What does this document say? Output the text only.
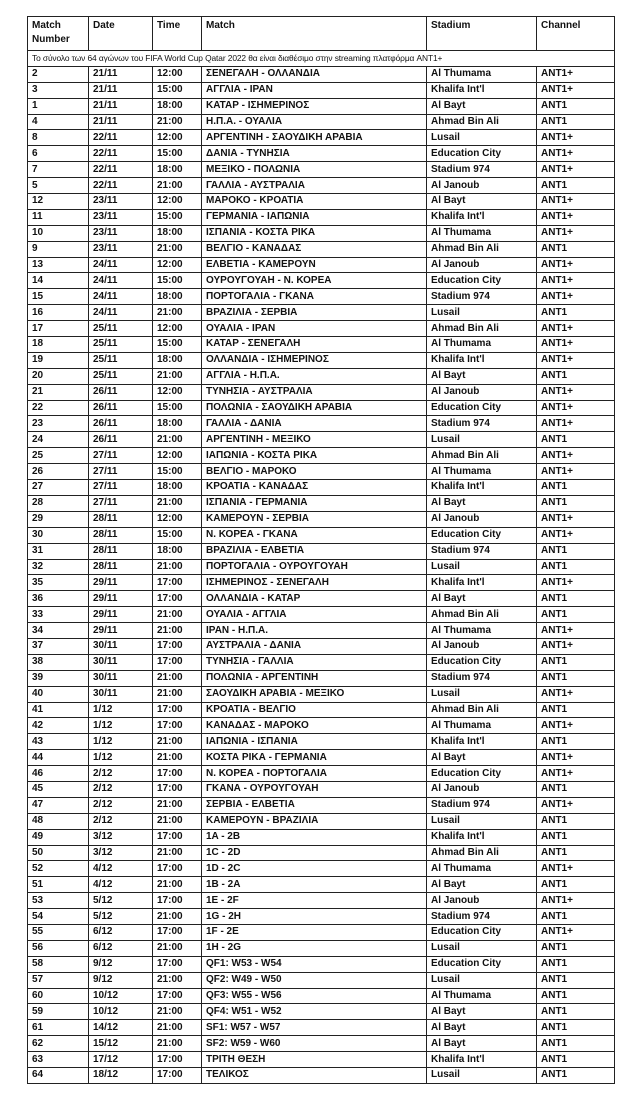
Match Number	Date	Time	Match	Stadium	Channel
Το σύνολο των 64 αγώνων του FIFA World Cup Qatar 2022 θα είναι διαθέσιμο στην streaming πλατφόρμα ANT1+					
2	21/11	12:00	ΣΕΝΕΓΑΛΗ - ΟΛΛΑΝΔΙΑ	Al Thumama	ANT1+
3	21/11	15:00	ΑΓΓΛΙΑ - ΙΡΑΝ	Khalifa Int'l	ANT1+
1	21/11	18:00	ΚΑΤΑΡ - ΙΣΗΜΕΡΙΝΟΣ	Al Bayt	ANT1
4	21/11	21:00	Η.Π.Α. - ΟΥΑΛΙΑ	Ahmad Bin Ali	ANT1
8	22/11	12:00	ΑΡΓΕΝΤΙΝΗ - ΣΑΟΥΔΙΚΗ ΑΡΑΒΙΑ	Lusail	ANT1+
6	22/11	15:00	ΔΑΝΙΑ - ΤΥΝΗΣΙΑ	Education City	ANT1+
7	22/11	18:00	ΜΕΞΙΚΟ - ΠΟΛΩΝΙΑ	Stadium 974	ANT1+
5	22/11	21:00	ΓΑΛΛΙΑ - ΑΥΣΤΡΑΛΙΑ	Al Janoub	ANT1
12	23/11	12:00	ΜΑΡΟΚΟ - ΚΡΟΑΤΙΑ	Al Bayt	ANT1+
11	23/11	15:00	ΓΕΡΜΑΝΙΑ - ΙΑΠΩΝΙΑ	Khalifa Int'l	ANT1+
10	23/11	18:00	ΙΣΠΑΝΙΑ - ΚΟΣΤΑ ΡΙΚΑ	Al Thumama	ANT1+
9	23/11	21:00	ΒΕΛΓΙΟ - ΚΑΝΑΔΑΣ	Ahmad Bin Ali	ANT1
13	24/11	12:00	ΕΛΒΕΤΙΑ - ΚΑΜΕΡΟΥΝ	Al Janoub	ANT1+
14	24/11	15:00	ΟΥΡΟΥΓΟΥΑΗ - Ν. ΚΟΡΕΑ	Education City	ANT1+
15	24/11	18:00	ΠΟΡΤΟΓΑΛΙΑ - ΓΚΑΝΑ	Stadium 974	ANT1+
16	24/11	21:00	ΒΡΑΖΙΛΙΑ - ΣΕΡΒΙΑ	Lusail	ANT1
17	25/11	12:00	ΟΥΑΛΙΑ - ΙΡΑΝ	Ahmad Bin Ali	ANT1+
18	25/11	15:00	ΚΑΤΑΡ - ΣΕΝΕΓΑΛΗ	Al Thumama	ANT1+
19	25/11	18:00	ΟΛΛΑΝΔΙΑ - ΙΣΗΜΕΡΙΝΟΣ	Khalifa Int'l	ANT1+
20	25/11	21:00	ΑΓΓΛΙΑ - Η.Π.Α.	Al Bayt	ANT1
21	26/11	12:00	ΤΥΝΗΣΙΑ - ΑΥΣΤΡΑΛΙΑ	Al Janoub	ANT1+
22	26/11	15:00	ΠΟΛΩΝΙΑ - ΣΑΟΥΔΙΚΗ ΑΡΑΒΙΑ	Education City	ANT1+
23	26/11	18:00	ΓΑΛΛΙΑ - ΔΑΝΙΑ	Stadium 974	ANT1+
24	26/11	21:00	ΑΡΓΕΝΤΙΝΗ - ΜΕΞΙΚΟ	Lusail	ANT1
25	27/11	12:00	ΙΑΠΩΝΙΑ - ΚΟΣΤΑ ΡΙΚΑ	Ahmad Bin Ali	ANT1+
26	27/11	15:00	ΒΕΛΓΙΟ - ΜΑΡΟΚΟ	Al Thumama	ANT1+
27	27/11	18:00	ΚΡΟΑΤΙΑ - ΚΑΝΑΔΑΣ	Khalifa Int'l	ANT1
28	27/11	21:00	ΙΣΠΑΝΙΑ - ΓΕΡΜΑΝΙΑ	Al Bayt	ANT1
29	28/11	12:00	ΚΑΜΕΡΟΥΝ - ΣΕΡΒΙΑ	Al Janoub	ANT1+
30	28/11	15:00	Ν. ΚΟΡΕΑ - ΓΚΑΝΑ	Education City	ANT1+
31	28/11	18:00	ΒΡΑΖΙΛΙΑ - ΕΛΒΕΤΙΑ	Stadium 974	ANT1
32	28/11	21:00	ΠΟΡΤΟΓΑΛΙΑ - ΟΥΡΟΥΓΟΥΑΗ	Lusail	ANT1
35	29/11	17:00	ΙΣΗΜΕΡΙΝΟΣ - ΣΕΝΕΓΑΛΗ	Khalifa Int'l	ANT1+
36	29/11	17:00	ΟΛΛΑΝΔΙΑ - ΚΑΤΑΡ	Al Bayt	ANT1
33	29/11	21:00	ΟΥΑΛΙΑ - ΑΓΓΛΙΑ	Ahmad Bin Ali	ANT1
34	29/11	21:00	ΙΡΑΝ - Η.Π.Α.	Al Thumama	ANT1+
37	30/11	17:00	ΑΥΣΤΡΑΛΙΑ - ΔΑΝΙΑ	Al Janoub	ANT1+
38	30/11	17:00	ΤΥΝΗΣΙΑ - ΓΑΛΛΙΑ	Education City	ANT1
39	30/11	21:00	ΠΟΛΩΝΙΑ - ΑΡΓΕΝΤΙΝΗ	Stadium 974	ANT1
40	30/11	21:00	ΣΑΟΥΔΙΚΗ ΑΡΑΒΙΑ - ΜΕΞΙΚΟ	Lusail	ANT1+
41	1/12	17:00	ΚΡΟΑΤΙΑ - ΒΕΛΓΙΟ	Ahmad Bin Ali	ANT1
42	1/12	17:00	ΚΑΝΑΔΑΣ - ΜΑΡΟΚΟ	Al Thumama	ANT1+
43	1/12	21:00	ΙΑΠΩΝΙΑ - ΙΣΠΑΝΙΑ	Khalifa Int'l	ANT1
44	1/12	21:00	ΚΟΣΤΑ ΡΙΚΑ - ΓΕΡΜΑΝΙΑ	Al Bayt	ANT1+
46	2/12	17:00	Ν. ΚΟΡΕΑ - ΠΟΡΤΟΓΑΛΙΑ	Education City	ANT1+
45	2/12	17:00	ΓΚΑΝΑ - ΟΥΡΟΥΓΟΥΑΗ	Al Janoub	ANT1
47	2/12	21:00	ΣΕΡΒΙΑ - ΕΛΒΕΤΙΑ	Stadium 974	ANT1+
48	2/12	21:00	ΚΑΜΕΡΟΥΝ - ΒΡΑΖΙΛΙΑ	Lusail	ANT1
49	3/12	17:00	1A - 2B	Khalifa Int'l	ANT1
50	3/12	21:00	1C - 2D	Ahmad Bin Ali	ANT1
52	4/12	17:00	1D - 2C	Al Thumama	ANT1+
51	4/12	21:00	1B - 2A	Al Bayt	ANT1
53	5/12	17:00	1E - 2F	Al Janoub	ANT1+
54	5/12	21:00	1G - 2H	Stadium 974	ANT1
55	6/12	17:00	1F - 2E	Education City	ANT1+
56	6/12	21:00	1H - 2G	Lusail	ANT1
58	9/12	17:00	QF1: W53 - W54	Education City	ANT1
57	9/12	21:00	QF2: W49 - W50	Lusail	ANT1
60	10/12	17:00	QF3: W55 - W56	Al Thumama	ANT1
59	10/12	21:00	QF4: W51 - W52	Al Bayt	ANT1
61	14/12	21:00	SF1: W57 - W57	Al Bayt	ANT1
62	15/12	21:00	SF2: W59 - W60	Al Bayt	ANT1
63	17/12	17:00	ΤΡΙΤΗ ΘΕΣΗ	Khalifa Int'l	ANT1
64	18/12	17:00	ΤΕΛΙΚΟΣ	Lusail	ANT1
